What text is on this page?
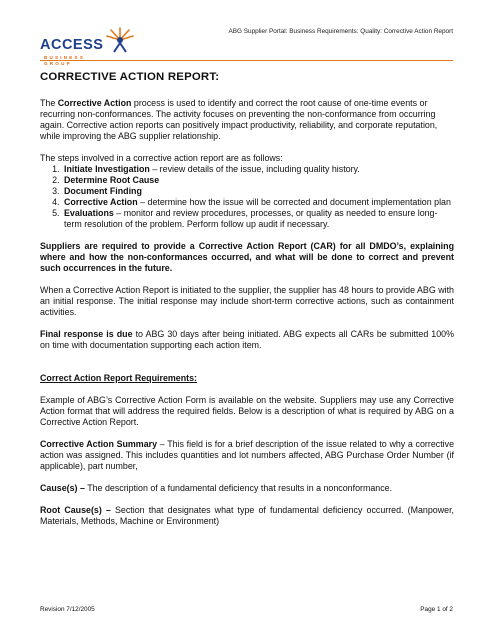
ACCESS
BUSINESS
GROUP
ABG Supplier Portal: Business Requirements: Quality: Corrective Action Report
CORRECTIVE ACTION REPORT:

The Corrective Action process is used to identify and correct the root cause of one-time events or recurring non-conformances. The activity focuses on preventing the non-conformance from occurring again. Corrective action reports can positively impact productivity, reliability, and corporate reputation, while improving the ABG supplier relationship.

The steps involved in a corrective action report are as follows:

1. Initiate Investigation – review details of the issue, including quality history.
2. Determine Root Cause
3. Document Finding
4. Corrective Action – determine how the issue will be corrected and document implementation plan
5. Evaluations – monitor and review procedures, processes, or quality as needed to ensure long-term resolution of the problem. Perform follow up audit if necessary.

Suppliers are required to provide a Corrective Action Report (CAR) for all DMDO’s, explaining where and how the non-conformances occurred, and what will be done to correct and prevent such occurrences in the future.

When a Corrective Action Report is initiated to the supplier, the supplier has 48 hours to provide ABG with an initial response. The initial response may include short-term corrective actions, such as containment activities.

Final response is due to ABG 30 days after being initiated. ABG expects all CARs be submitted 100% on time with documentation supporting each action item.

Correct Action Report Requirements:

Example of ABG’s Corrective Action Form is available on the website. Suppliers may use any Corrective Action format that will address the required fields. Below is a description of what is required by ABG on a Corrective Action Report.

Corrective Action Summary – This field is for a brief description of the issue related to why a corrective action was assigned. This includes quantities and lot numbers affected, ABG Purchase Order Number (if applicable), part number,

Cause(s) – The description of a fundamental deficiency that results in a nonconformance.

Root Cause(s) – Section that designates what type of fundamental deficiency occurred. (Manpower, Materials, Methods, Machine or Environment)

Revision 7/12/2005	Page 1 of 2
